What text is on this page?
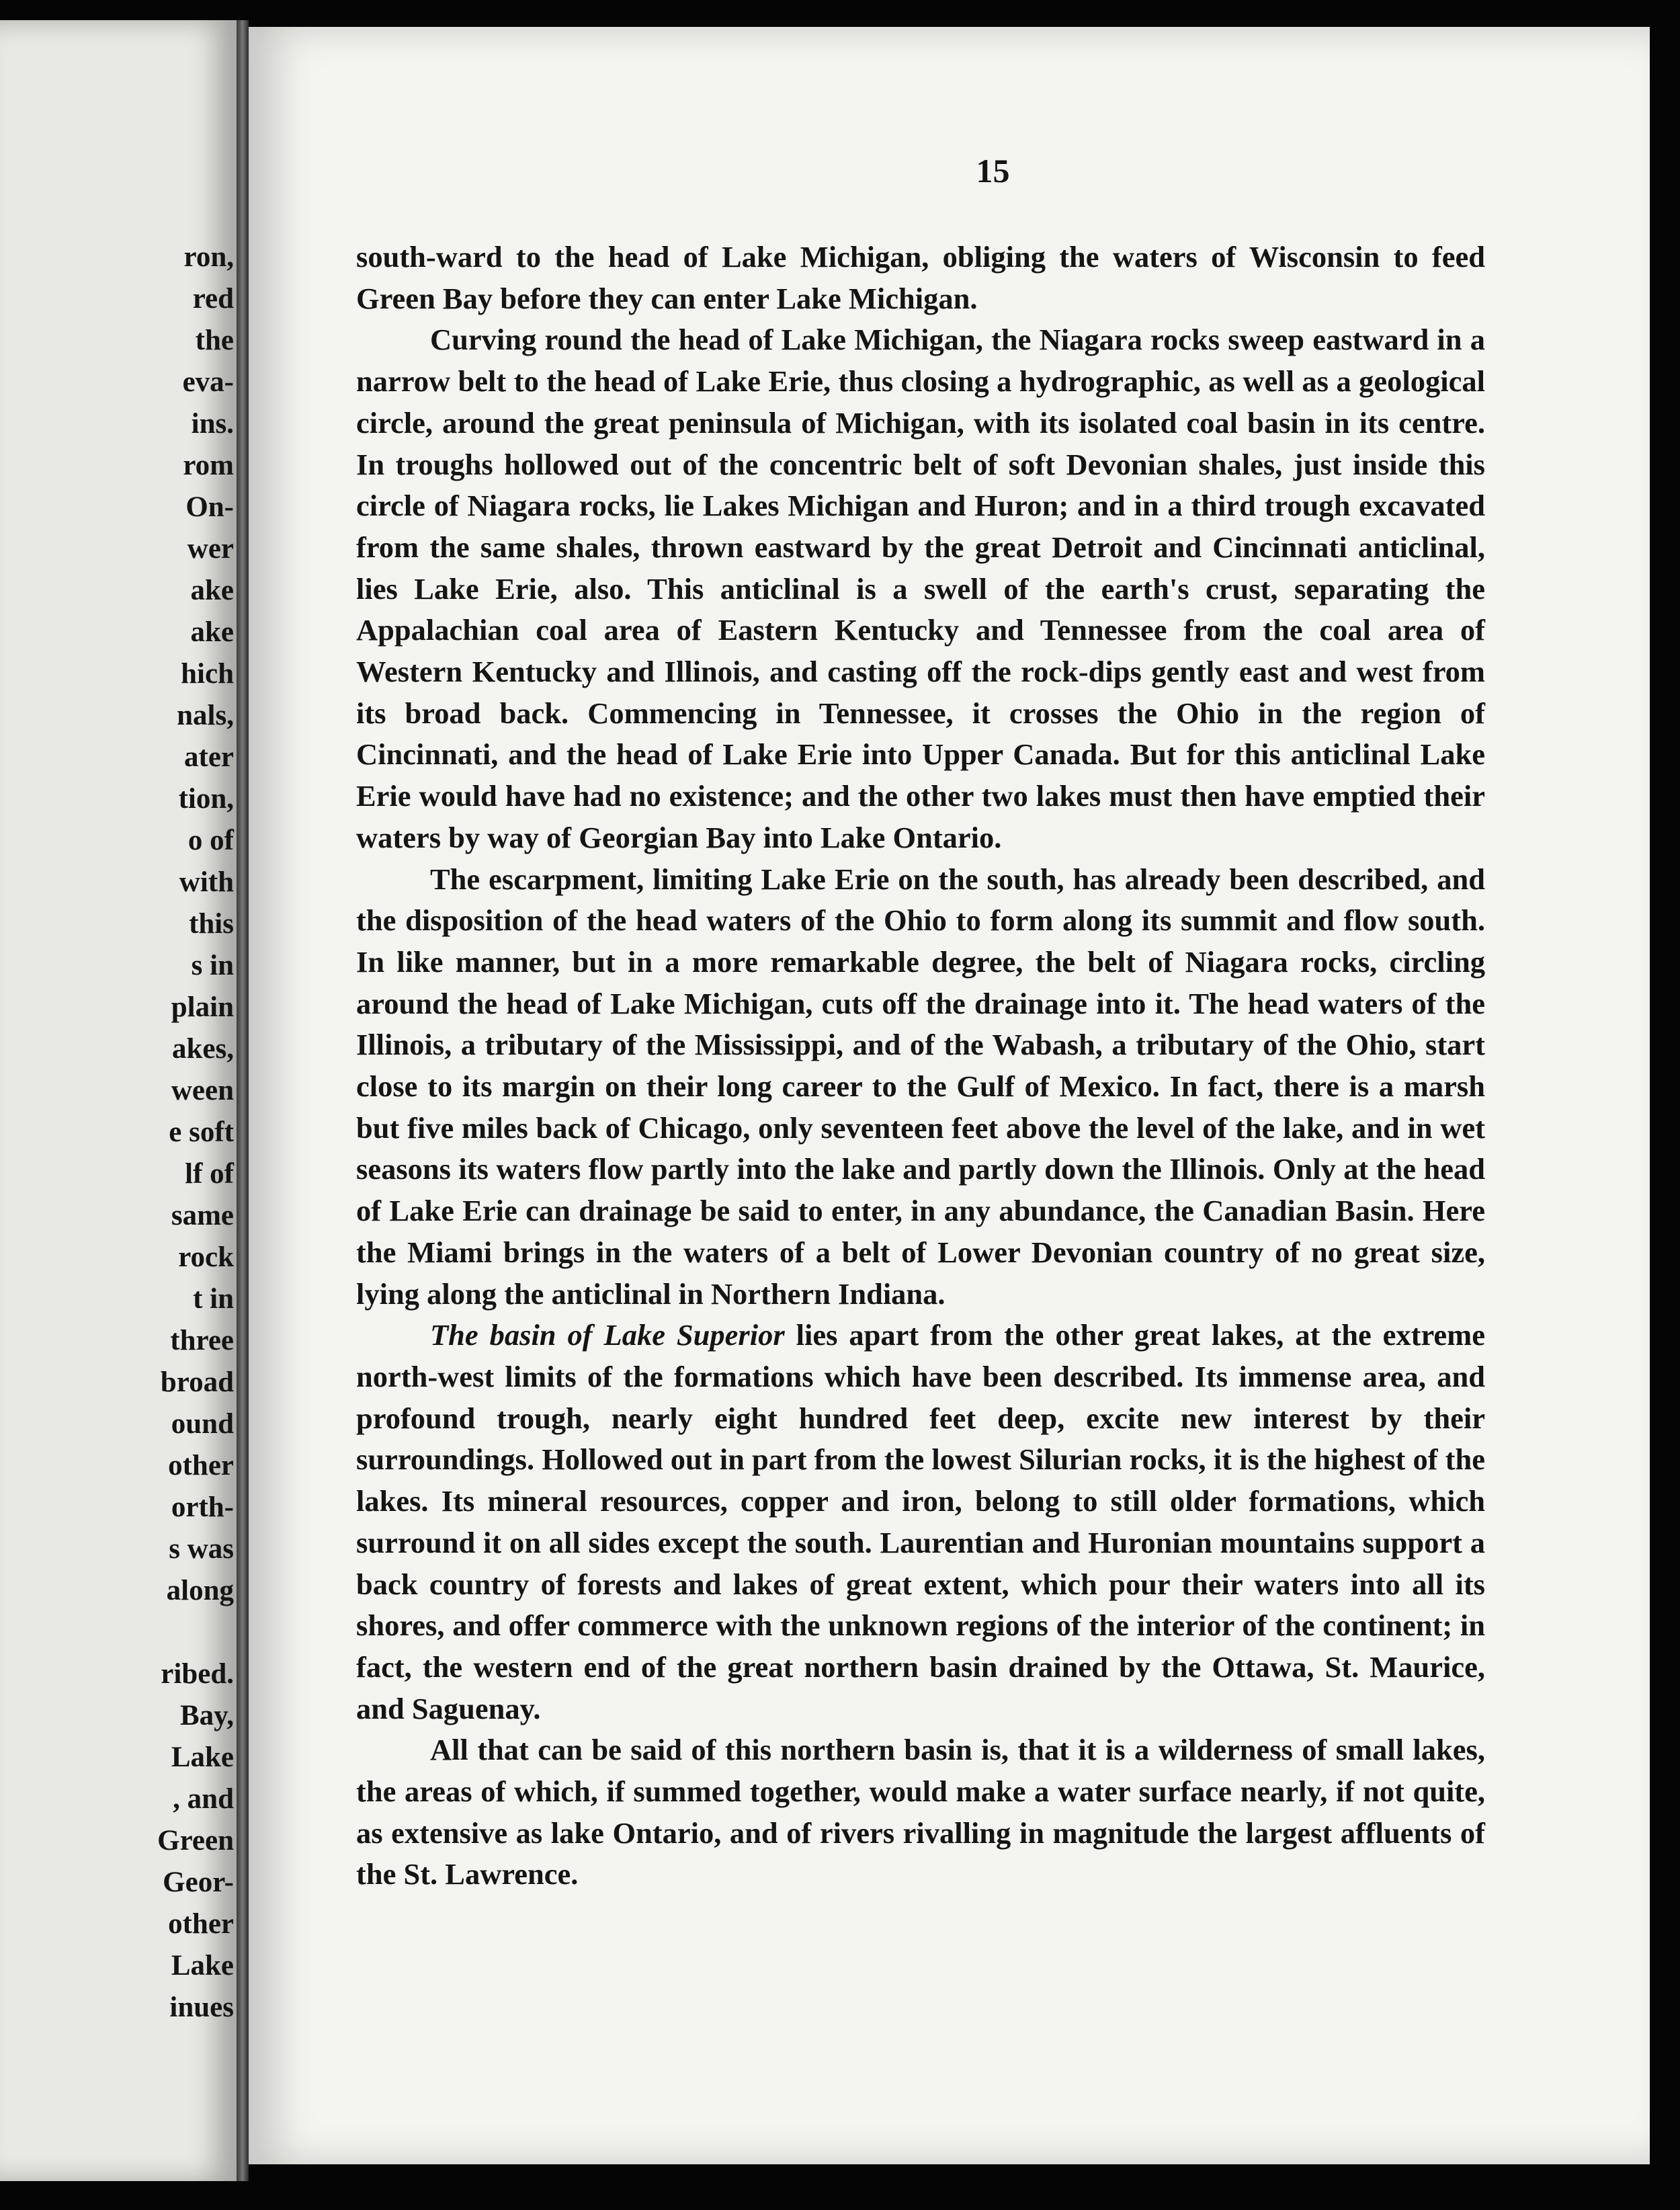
ron,
red
the
eva-
ins.
rom
On-
wer
ake
ake
hich
nals,
ater
tion,
o of
with
this
s in
plain
akes,
ween
e soft
lf of
same
rock
t in
three
broad
ound
other
orth-
s was
along
ribed.
Bay,
Lake
, and
Green
Geor-
other
Lake
inues
15

south-ward to the head of Lake Michigan, obliging the waters of Wisconsin to feed Green Bay before they can enter Lake Michigan.

Curving round the head of Lake Michigan, the Niagara rocks sweep eastward in a narrow belt to the head of Lake Erie, thus closing a hydrographic, as well as a geological circle, around the great peninsula of Michigan, with its isolated coal basin in its centre. In troughs hollowed out of the concentric belt of soft Devonian shales, just inside this circle of Niagara rocks, lie Lakes Michigan and Huron; and in a third trough excavated from the same shales, thrown eastward by the great Detroit and Cincinnati anticlinal, lies Lake Erie, also. This anticlinal is a swell of the earth's crust, separating the Appalachian coal area of Eastern Kentucky and Tennessee from the coal area of Western Kentucky and Illinois, and casting off the rock-dips gently east and west from its broad back. Commencing in Tennessee, it crosses the Ohio in the region of Cincinnati, and the head of Lake Erie into Upper Canada. But for this anticlinal Lake Erie would have had no existence; and the other two lakes must then have emptied their waters by way of Georgian Bay into Lake Ontario.

The escarpment, limiting Lake Erie on the south, has already been described, and the disposition of the head waters of the Ohio to form along its summit and flow south. In like manner, but in a more remarkable degree, the belt of Niagara rocks, circling around the head of Lake Michigan, cuts off the drainage into it. The head waters of the Illinois, a tributary of the Mississippi, and of the Wabash, a tributary of the Ohio, start close to its margin on their long career to the Gulf of Mexico. In fact, there is a marsh but five miles back of Chicago, only seventeen feet above the level of the lake, and in wet seasons its waters flow partly into the lake and partly down the Illinois. Only at the head of Lake Erie can drainage be said to enter, in any abundance, the Canadian Basin. Here the Miami brings in the waters of a belt of Lower Devonian country of no great size, lying along the anticlinal in Northern Indiana.

The basin of Lake Superior lies apart from the other great lakes, at the extreme north-west limits of the formations which have been described. Its immense area, and profound trough, nearly eight hundred feet deep, excite new interest by their surroundings. Hollowed out in part from the lowest Silurian rocks, it is the highest of the lakes. Its mineral resources, copper and iron, belong to still older formations, which surround it on all sides except the south. Laurentian and Huronian mountains support a back country of forests and lakes of great extent, which pour their waters into all its shores, and offer commerce with the unknown regions of the interior of the continent; in fact, the western end of the great northern basin drained by the Ottawa, St. Maurice, and Saguenay.

All that can be said of this northern basin is, that it is a wilderness of small lakes, the areas of which, if summed together, would make a water surface nearly, if not quite, as extensive as lake Ontario, and of rivers rivalling in magnitude the largest affluents of the St. Lawrence.
